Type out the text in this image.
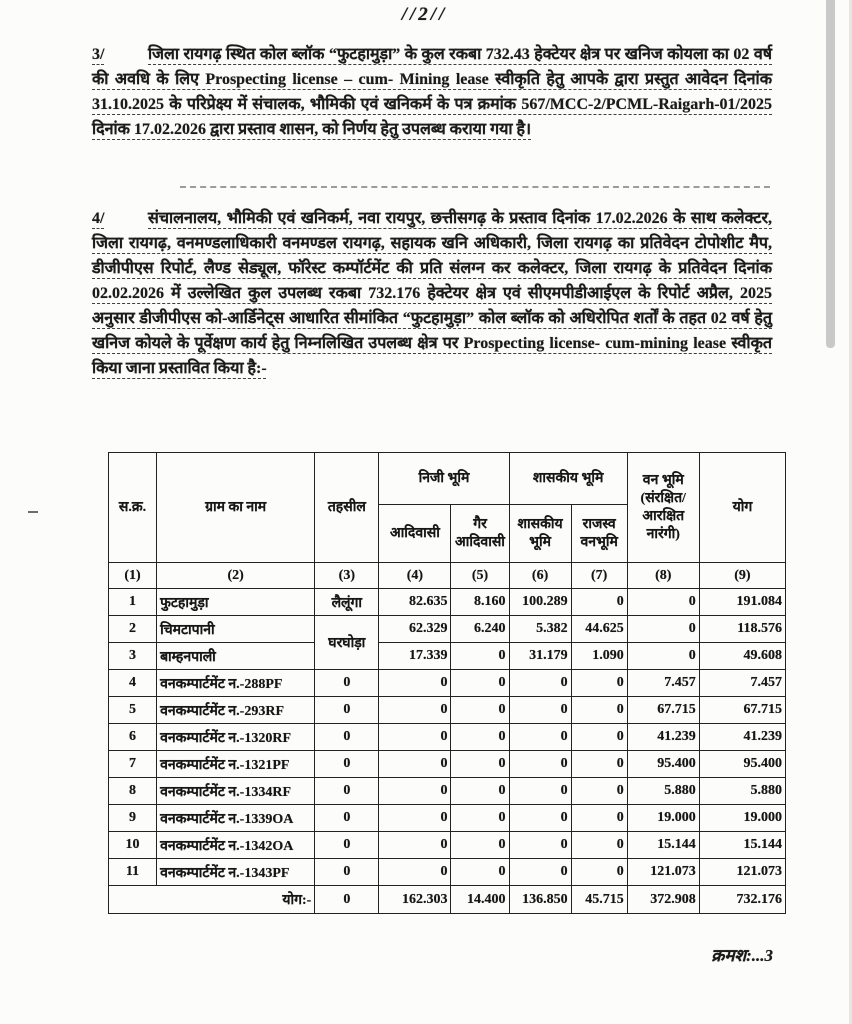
//2//
3/	जिला रायगढ़ स्थित कोल ब्लॉक “फुटहामुड़ा” के कुल रकबा 732.43 हेक्टेयर क्षेत्र पर खनिज कोयला का 02 वर्ष की अवधि के लिए Prospecting license – cum- Mining lease स्वीकृति हेतु आपके द्वारा प्रस्तुत आवेदन दिनांक 31.10.2025 के परिप्रेक्ष्य में संचालक, भौमिकी एवं खनिकर्म के पत्र क्रमांक 567/MCC-2/PCML-Raigarh-01/2025 दिनांक 17.02.2026 द्वारा प्रस्ताव शासन, को निर्णय हेतु उपलब्ध कराया गया है।
4/	संचालनालय, भौमिकी एवं खनिकर्म, नवा रायपुर, छत्तीसगढ़ के प्रस्ताव दिनांक 17.02.2026 के साथ कलेक्टर, जिला रायगढ़, वनमण्डलाधिकारी वनमण्डल रायगढ़, सहायक खनि अधिकारी, जिला रायगढ़ का प्रतिवेदन टोपोशीट मैप, डीजीपीएस रिपोर्ट, लैण्ड सेड्यूल, फॉरेस्ट कम्पॉर्टमेंट की प्रति संलग्न कर कलेक्टर, जिला रायगढ़ के प्रतिवेदन दिनांक 02.02.2026 में उल्लेखित कुल उपलब्ध रकबा 732.176 हेक्टेयर क्षेत्र एवं सीएमपीडीआईएल के रिपोर्ट अप्रैल, 2025 अनुसार डीजीपीएस को-आर्डिनेट्स आधारित सीमांकित “फुटहामुड़ा” कोल ब्लॉक को अधिरोपित शर्तों के तहत 02 वर्ष हेतु खनिज कोयले के पूर्वेक्षण कार्य हेतु निम्नलिखित उपलब्ध क्षेत्र पर Prospecting license- cum-mining lease स्वीकृत किया जाना प्रस्तावित किया है:-
स.क्र.	ग्राम का नाम	तहसील	निजी भूमि		शासकीय भूमि		वन भूमि (संरक्षित/ आरक्षित नारंगी)	योग
			आदिवासी	गैर आदिवासी	शासकीय भूमि	राजस्व वनभूमि		
(1)	(2)	(3)	(4)	(5)	(6)	(7)	(8)	(9)
1	फुटहामुड़ा	लैलूंगा	82.635	8.160	100.289	0	0	191.084
2	चिमटापानी	घरघोड़ा	62.329	6.240	5.382	44.625	0	118.576
3	बाम्हनपाली		17.339	0	31.179	1.090	0	49.608
4	वनकम्पार्टमेंट न.-288PF	0	0	0	0	0	7.457	7.457
5	वनकम्पार्टमेंट न.-293RF	0	0	0	0	0	67.715	67.715
6	वनकम्पार्टमेंट न.-1320RF	0	0	0	0	0	41.239	41.239
7	वनकम्पार्टमेंट न.-1321PF	0	0	0	0	0	95.400	95.400
8	वनकम्पार्टमेंट न.-1334RF	0	0	0	0	0	5.880	5.880
9	वनकम्पार्टमेंट न.-1339OA	0	0	0	0	0	19.000	19.000
10	वनकम्पार्टमेंट न.-1342OA	0	0	0	0	0	15.144	15.144
11	वनकम्पार्टमेंट न.-1343PF	0	0	0	0	0	121.073	121.073
योग:-		0	162.303	14.400	136.850	45.715	372.908	732.176
क्रमश:...3
